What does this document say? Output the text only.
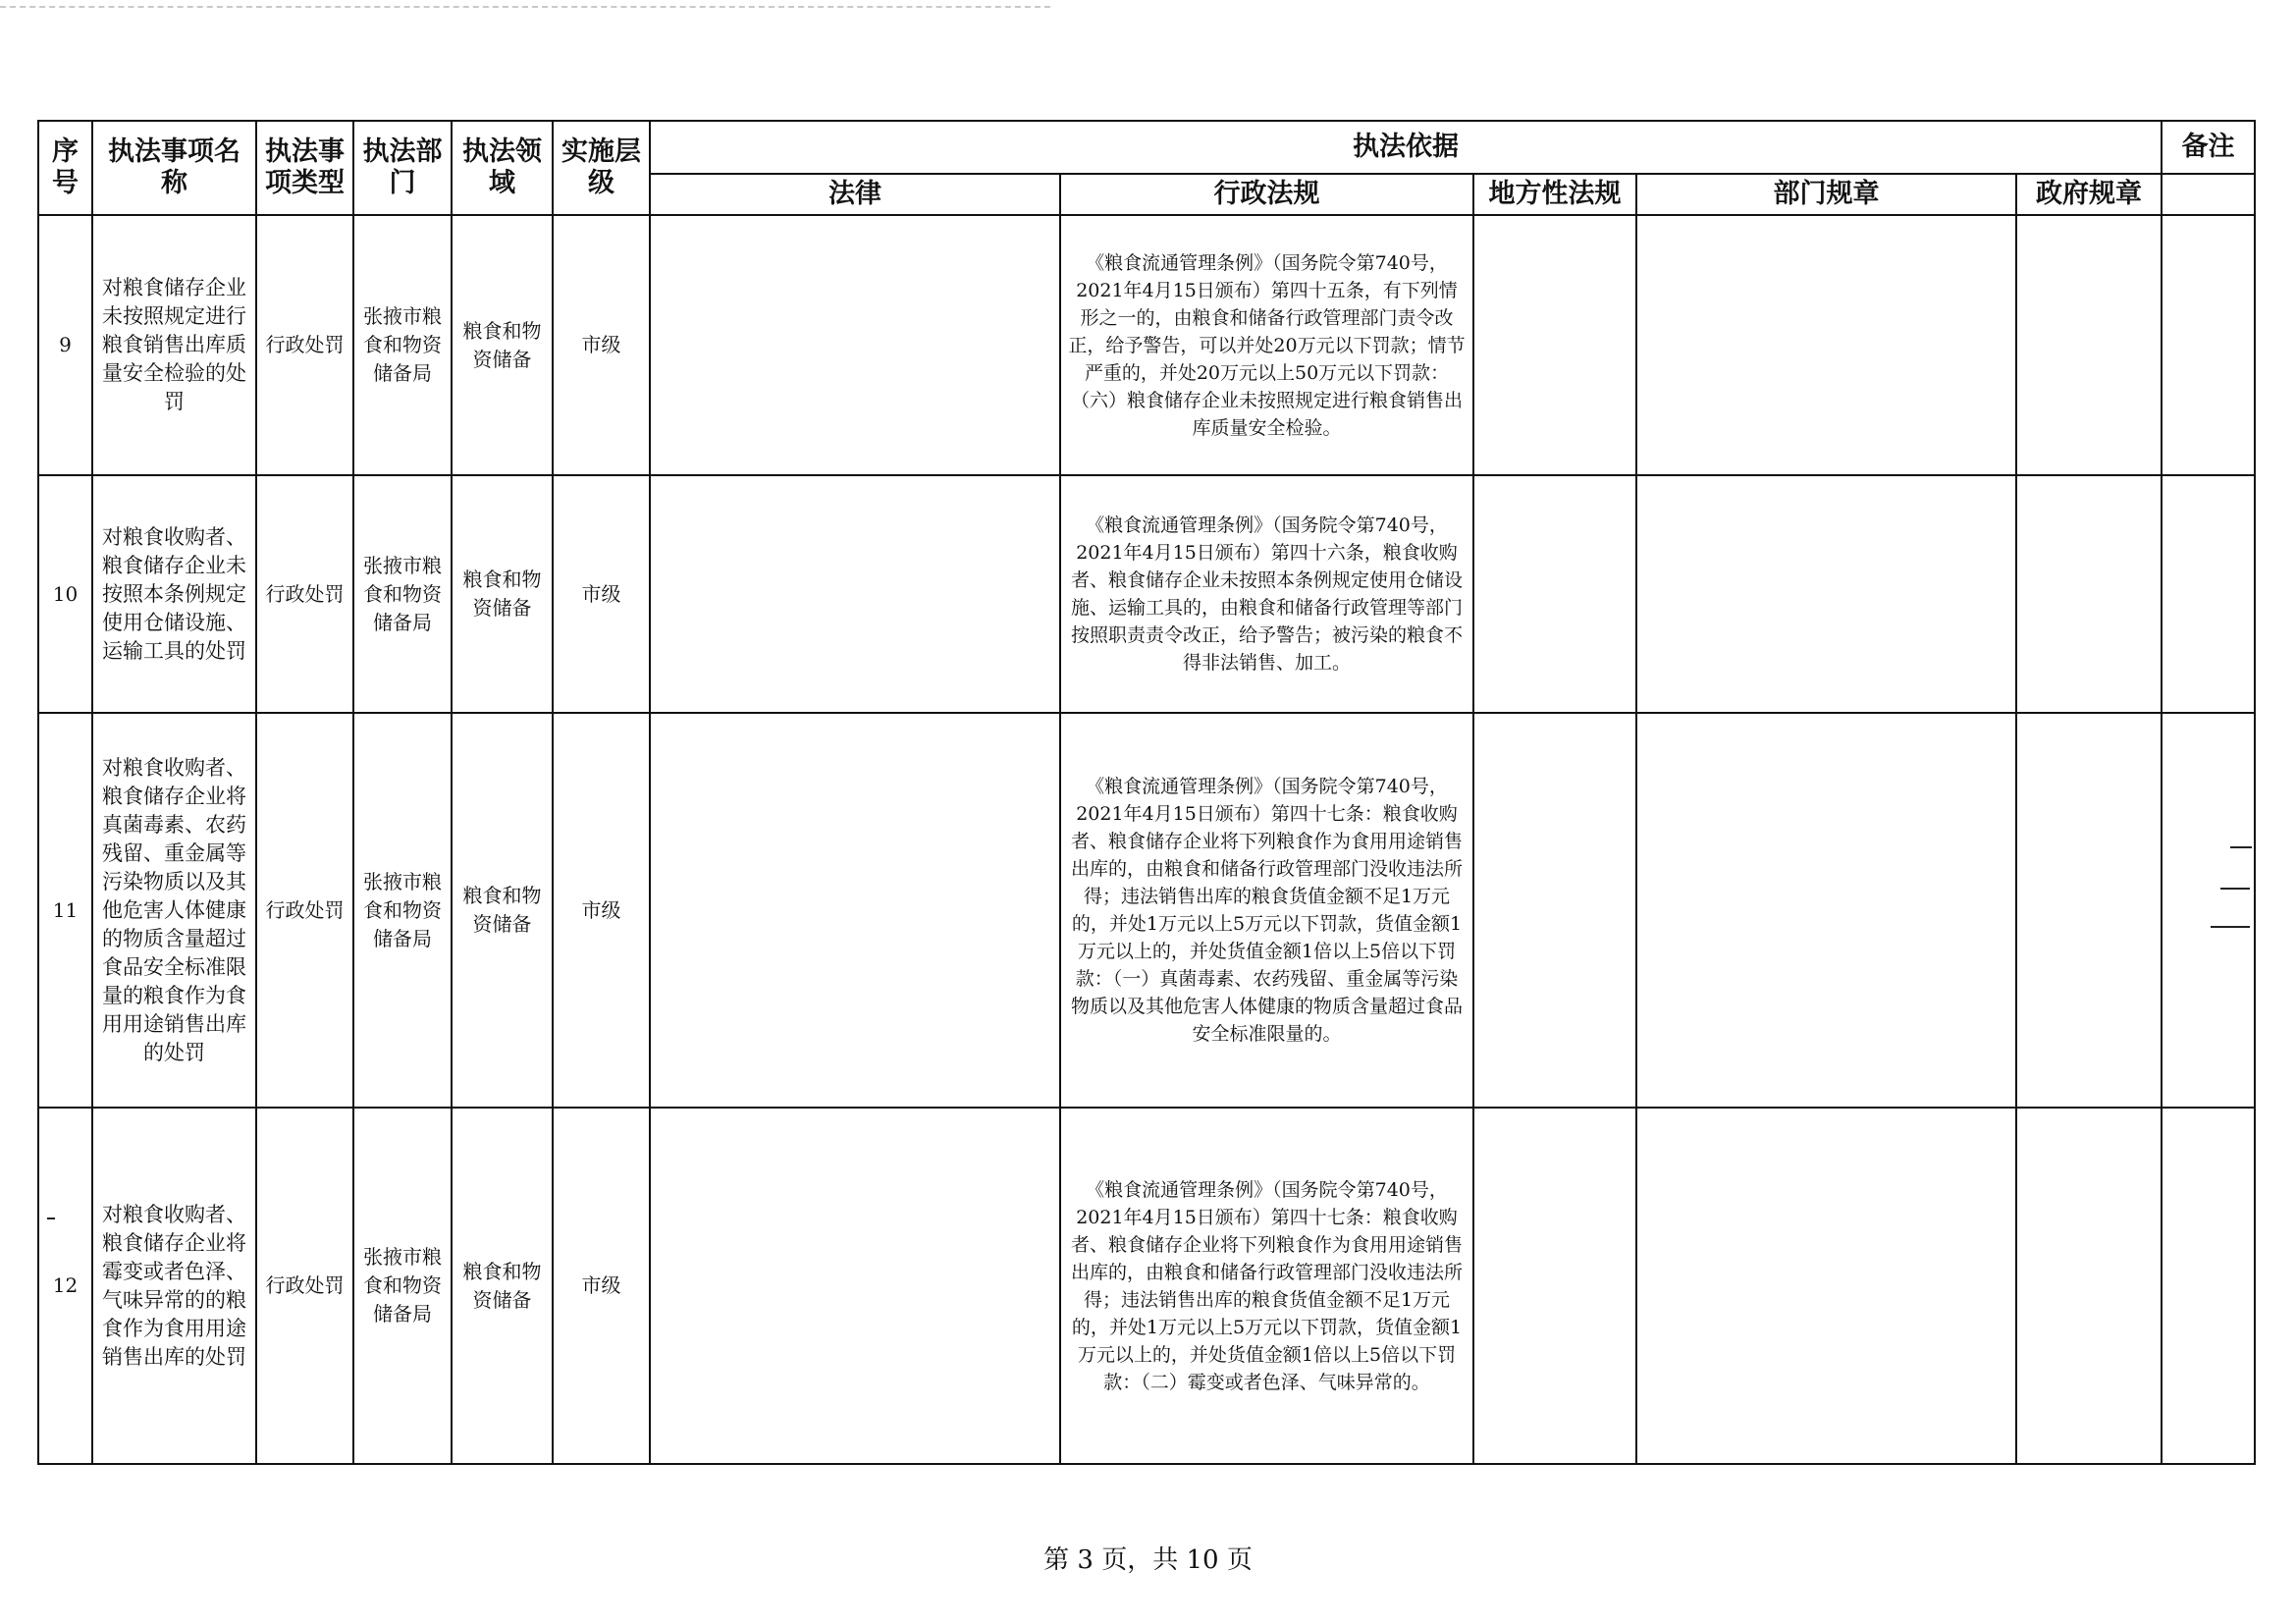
序号	执法事项名称	执法事项类型	执法部门	执法领域	实施层级	执法依据					备注
						法律	行政法规	地方性法规	部门规章	政府规章	
9	对粮食储存企业未按照规定进行粮食销售出库质量安全检验的处罚	行政处罚	张掖市粮食和物资储备局	粮食和物资储备	市级		《粮食流通管理条例》（国务院令第740号，2021年4月15日颁布）第四十五条，有下列情形之一的，由粮食和储备行政管理部门责令改正，给予警告，可以并处20万元以下罚款；情节严重的，并处20万元以上50万元以下罚款：（六）粮食储存企业未按照规定进行粮食销售出库质量安全检验。				
10	对粮食收购者、粮食储存企业未按照本条例规定使用仓储设施、运输工具的处罚	行政处罚	张掖市粮食和物资储备局	粮食和物资储备	市级		《粮食流通管理条例》（国务院令第740号，2021年4月15日颁布）第四十六条，粮食收购者、粮食储存企业未按照本条例规定使用仓储设施、运输工具的，由粮食和储备行政管理等部门按照职责责令改正，给予警告；被污染的粮食不得非法销售、加工。				
11	对粮食收购者、粮食储存企业将真菌毒素、农药残留、重金属等污染物质以及其他危害人体健康的物质含量超过食品安全标准限量的粮食作为食用用途销售出库的处罚	行政处罚	张掖市粮食和物资储备局	粮食和物资储备	市级		《粮食流通管理条例》（国务院令第740号，2021年4月15日颁布）第四十七条：粮食收购者、粮食储存企业将下列粮食作为食用用途销售出库的，由粮食和储备行政管理部门没收违法所得；违法销售出库的粮食货值金额不足1万元的，并处1万元以上5万元以下罚款，货值金额1万元以上的，并处货值金额1倍以上5倍以下罚款：（一）真菌毒素、农药残留、重金属等污染物质以及其他危害人体健康的物质含量超过食品安全标准限量的。				
12	对粮食收购者、粮食储存企业将霉变或者色泽、气味异常的的粮食作为食用用途销售出库的处罚	行政处罚	张掖市粮食和物资储备局	粮食和物资储备	市级		《粮食流通管理条例》（国务院令第740号，2021年4月15日颁布）第四十七条：粮食收购者、粮食储存企业将下列粮食作为食用用途销售出库的，由粮食和储备行政管理部门没收违法所得；违法销售出库的粮食货值金额不足1万元的，并处1万元以上5万元以下罚款，货值金额1万元以上的，并处货值金额1倍以上5倍以下罚款：（二）霉变或者色泽、气味异常的。				
第 3 页，共 10 页
